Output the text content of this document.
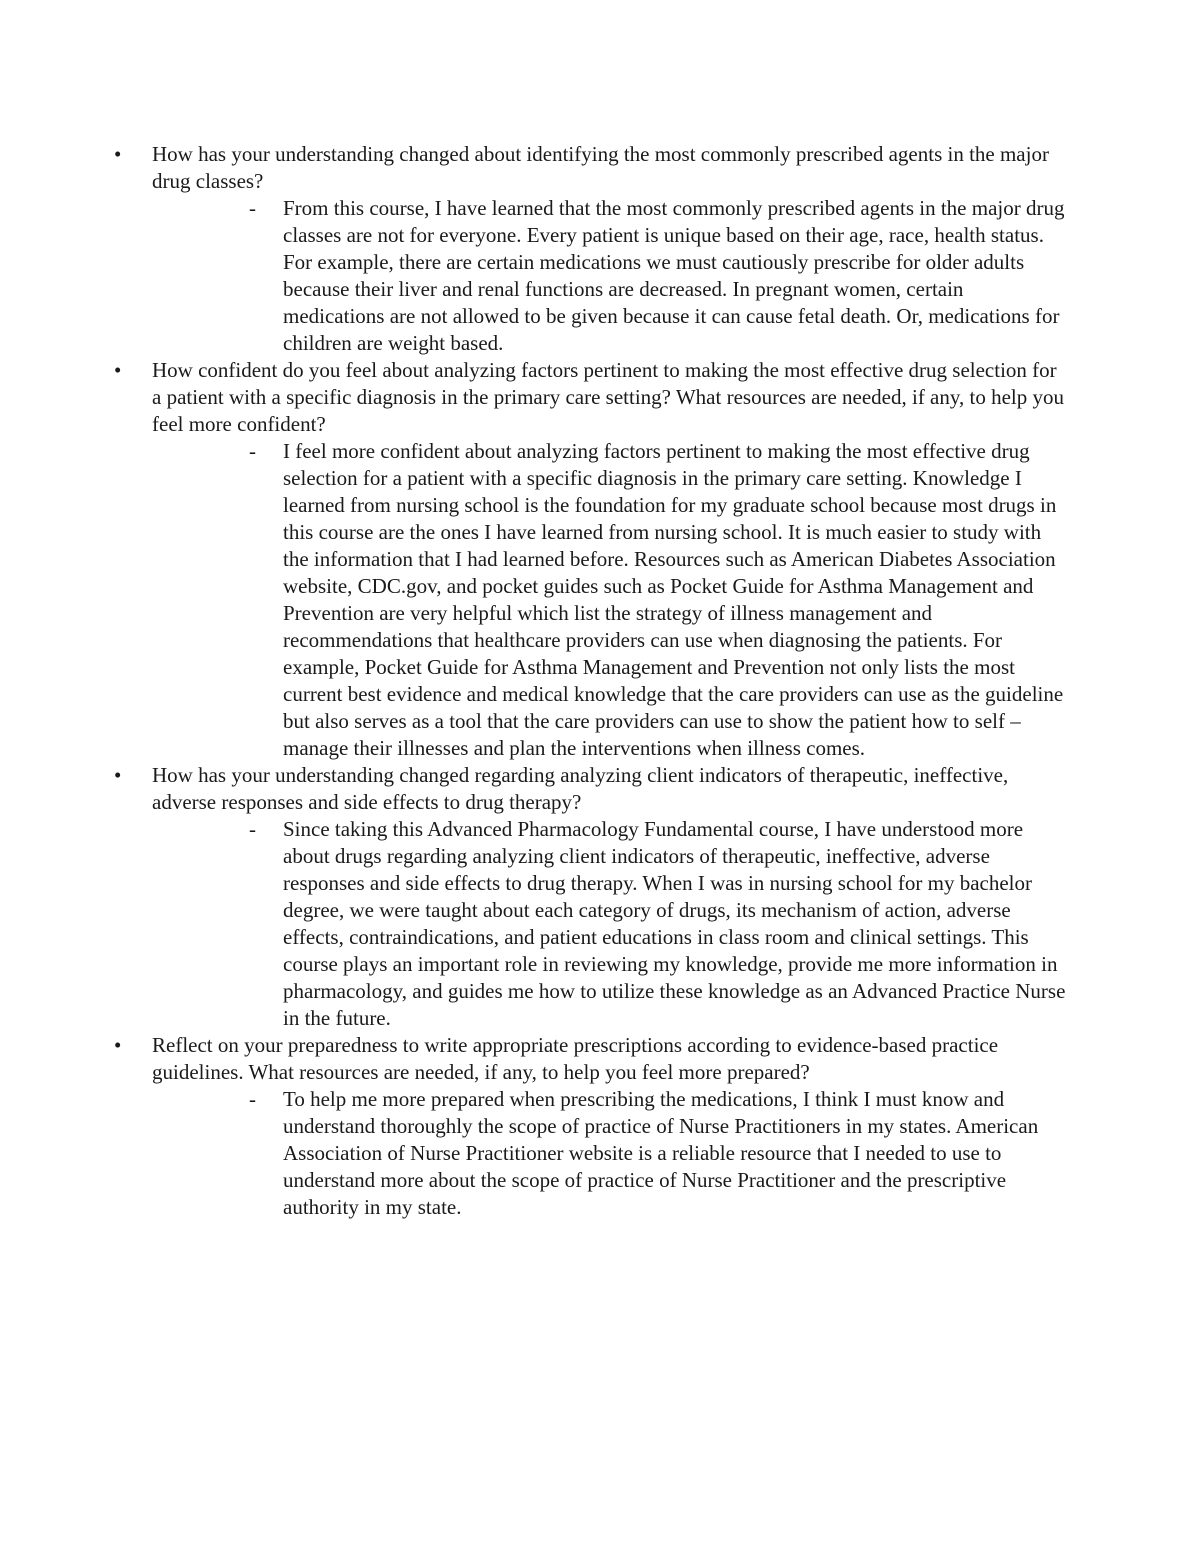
• How has your understanding changed about identifying the most commonly prescribed agents in the major drug classes?

- From this course, I have learned that the most commonly prescribed agents in the major drug classes are not for everyone. Every patient is unique based on their age, race, health status. For example, there are certain medications we must cautiously prescribe for older adults because their liver and renal functions are decreased. In pregnant women, certain medications are not allowed to be given because it can cause fetal death. Or, medications for children are weight based.

• How confident do you feel about analyzing factors pertinent to making the most effective drug selection for a patient with a specific diagnosis in the primary care setting? What resources are needed, if any, to help you feel more confident?

- I feel more confident about analyzing factors pertinent to making the most effective drug selection for a patient with a specific diagnosis in the primary care setting. Knowledge I learned from nursing school is the foundation for my graduate school because most drugs in this course are the ones I have learned from nursing school. It is much easier to study with the information that I had learned before. Resources such as American Diabetes Association website, CDC.gov, and pocket guides such as Pocket Guide for Asthma Management and Prevention are very helpful which list the strategy of illness management and recommendations that healthcare providers can use when diagnosing the patients. For example, Pocket Guide for Asthma Management and Prevention not only lists the most current best evidence and medical knowledge that the care providers can use as the guideline but also serves as a tool that the care providers can use to show the patient how to self – manage their illnesses and plan the interventions when illness comes.

• How has your understanding changed regarding analyzing client indicators of therapeutic, ineffective, adverse responses and side effects to drug therapy?

- Since taking this Advanced Pharmacology Fundamental course, I have understood more about drugs regarding analyzing client indicators of therapeutic, ineffective, adverse responses and side effects to drug therapy. When I was in nursing school for my bachelor degree, we were taught about each category of drugs, its mechanism of action, adverse effects, contraindications, and patient educations in class room and clinical settings. This course plays an important role in reviewing my knowledge, provide me more information in pharmacology, and guides me how to utilize these knowledge as an Advanced Practice Nurse in the future.

• Reflect on your preparedness to write appropriate prescriptions according to evidence-based practice guidelines. What resources are needed, if any, to help you feel more prepared?

- To help me more prepared when prescribing the medications, I think I must know and understand thoroughly the scope of practice of Nurse Practitioners in my states. American Association of Nurse Practitioner website is a reliable resource that I needed to use to understand more about the scope of practice of Nurse Practitioner and the prescriptive authority in my state.
